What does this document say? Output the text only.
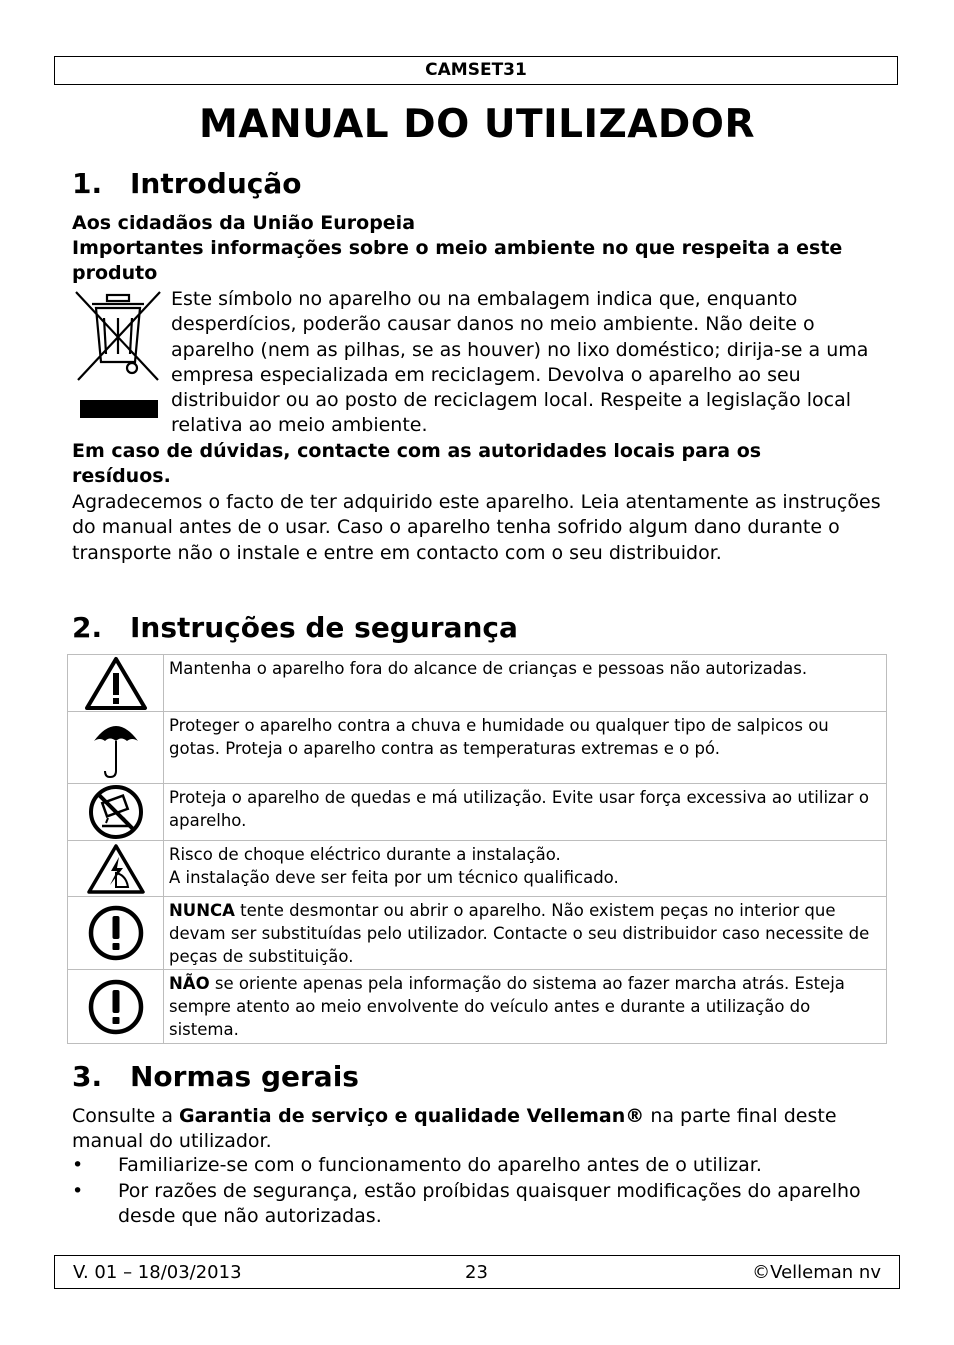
CAMSET31
MANUAL DO UTILIZADOR
1. Introdução
Aos cidadãos da União Europeia
Importantes informações sobre o meio ambiente no que respeita a este produto
Este símbolo no aparelho ou na embalagem indica que, enquanto desperdícios, poderão causar danos no meio ambiente. Não deite o aparelho (nem as pilhas, se as houver) no lixo doméstico; dirija-se a uma empresa especializada em reciclagem. Devolva o aparelho ao seu distribuidor ou ao posto de reciclagem local. Respeite a legislação local relativa ao meio ambiente.
Em caso de dúvidas, contacte com as autoridades locais para os resíduos.
Agradecemos o facto de ter adquirido este aparelho. Leia atentamente as instruções do manual antes de o usar. Caso o aparelho tenha sofrido algum dano durante o transporte não o instale e entre em contacto com o seu distribuidor.
2. Instruções de segurança
	Mantenha o aparelho fora do alcance de crianças e pessoas não autorizadas.

	Proteger o aparelho contra a chuva e humidade ou qualquer tipo de salpicos ou gotas. Proteja o aparelho contra as temperaturas extremas e o pó.

	Proteja o aparelho de quedas e má utilização. Evite usar força excessiva ao utilizar o aparelho.

	Risco de choque eléctrico durante a instalação.
A instalação deve ser feita por um técnico qualificado.

	NUNCA tente desmontar ou abrir o aparelho. Não existem peças no interior que devam ser substituídas pelo utilizador. Contacte o seu distribuidor caso necessite de peças de substituição.

	NÃO se oriente apenas pela informação do sistema ao fazer marcha atrás. Esteja sempre atento ao meio envolvente do veículo antes e durante a utilização do sistema.
3. Normas gerais
Consulte a Garantia de serviço e qualidade Velleman® na parte final deste manual do utilizador.
• Familiarize-se com o funcionamento do aparelho antes de o utilizar.
• Por razões de segurança, estão proíbidas quaisquer modificações do aparelho desde que não autorizadas.
V. 01 – 18/03/2013	23	©Velleman nv
